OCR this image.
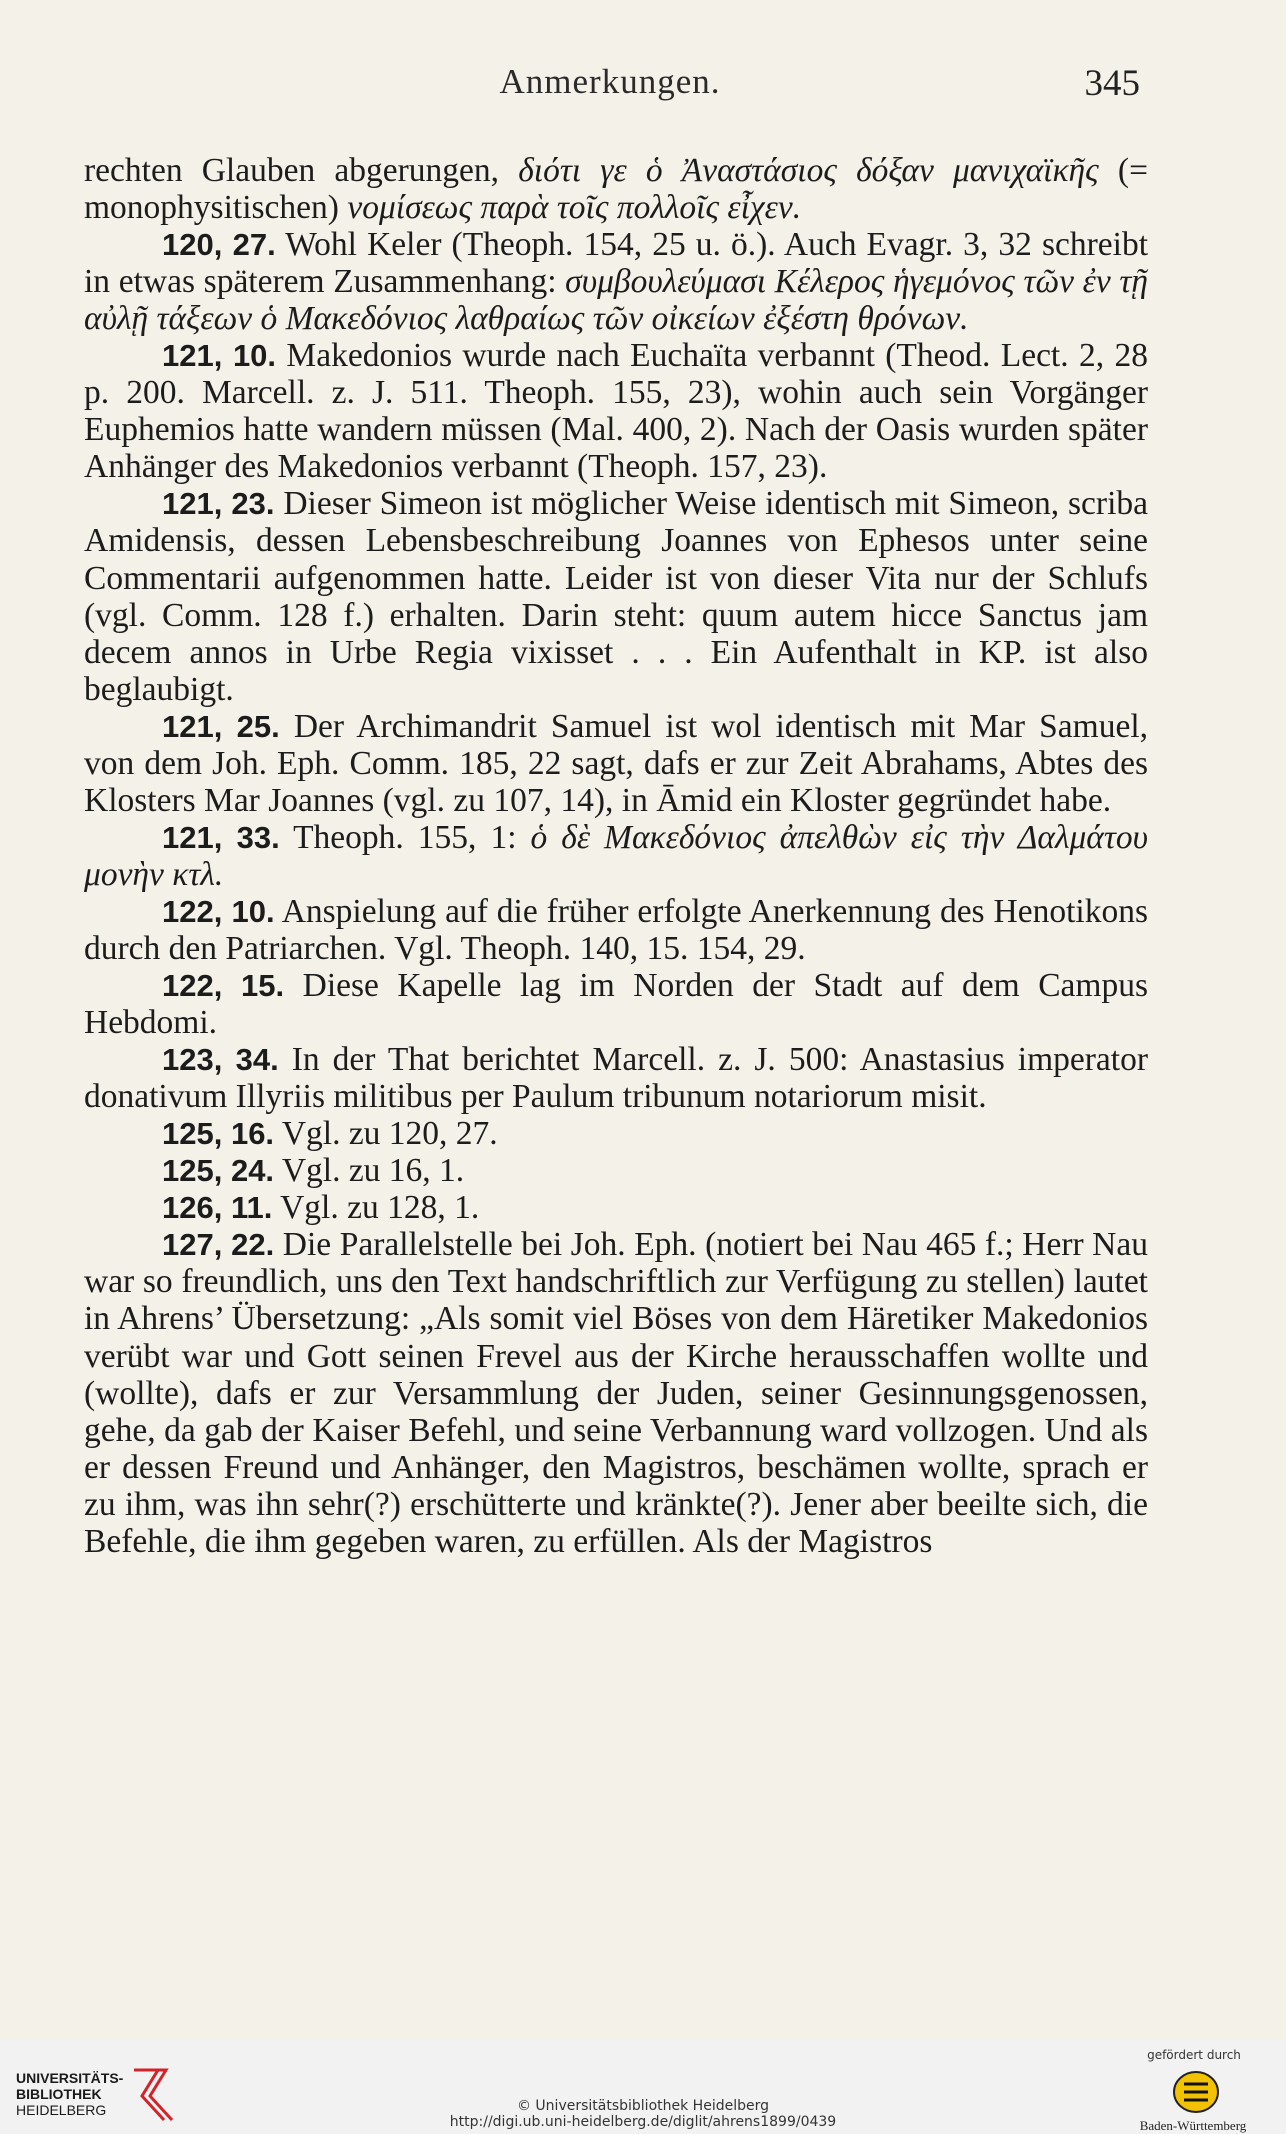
Anmerkungen.	345

rechten Glauben abgerungen, διότι γε ὁ Ἀναστάσιος δόξαν μανιχαϊκῆς (= monophysitischen) νομίσεως παρὰ τοῖς πολλοῖς εἶχεν.

120, 27. Wohl Keler (Theoph. 154, 25 u. ö.). Auch Evagr. 3, 32 schreibt in etwas späterem Zusammenhang: συμβουλεύμασι Κέλερος ἡγεμόνος τῶν ἐν τῇ αὐλῇ τάξεων ὁ Μακεδόνιος λαθραίως τῶν οἰκείων ἐξέστη θρόνων.

121, 10. Makedonios wurde nach Euchaïta verbannt (Theod. Lect. 2, 28 p. 200. Marcell. z. J. 511. Theoph. 155, 23), wohin auch sein Vorgänger Euphemios hatte wandern müssen (Mal. 400, 2). Nach der Oasis wurden später Anhänger des Makedonios verbannt (Theoph. 157, 23).

121, 23. Dieser Simeon ist möglicher Weise identisch mit Simeon, scriba Amidensis, dessen Lebensbeschreibung Joannes von Ephesos unter seine Commentarii aufgenommen hatte. Leider ist von dieser Vita nur der Schlufs (vgl. Comm. 128 f.) erhalten. Darin steht: quum autem hicce Sanctus jam decem annos in Urbe Regia vixisset . . . Ein Aufenthalt in KP. ist also beglaubigt.

121, 25. Der Archimandrit Samuel ist wol identisch mit Mar Samuel, von dem Joh. Eph. Comm. 185, 22 sagt, dafs er zur Zeit Abrahams, Abtes des Klosters Mar Joannes (vgl. zu 107, 14), in Āmid ein Kloster gegründet habe.

121, 33. Theoph. 155, 1: ὁ δὲ Μακεδόνιος ἀπελθὼν εἰς τὴν Δαλμάτου μονὴν κτλ.

122, 10. Anspielung auf die früher erfolgte Anerkennung des Henotikons durch den Patriarchen. Vgl. Theoph. 140, 15. 154, 29.

122, 15. Diese Kapelle lag im Norden der Stadt auf dem Campus Hebdomi.

123, 34. In der That berichtet Marcell. z. J. 500: Anastasius imperator donativum Illyriis militibus per Paulum tribunum notariorum misit.

125, 16. Vgl. zu 120, 27.

125, 24. Vgl. zu 16, 1.

126, 11. Vgl. zu 128, 1.

127, 22. Die Parallelstelle bei Joh. Eph. (notiert bei Nau 465 f.; Herr Nau war so freundlich, uns den Text handschriftlich zur Verfügung zu stellen) lautet in Ahrens’ Übersetzung: „Als somit viel Böses von dem Häretiker Makedonios verübt war und Gott seinen Frevel aus der Kirche herausschaffen wollte und (wollte), dafs er zur Versammlung der Juden, seiner Gesinnungsgenossen, gehe, da gab der Kaiser Befehl, und seine Verbannung ward vollzogen. Und als er dessen Freund und Anhänger, den Magistros, beschämen wollte, sprach er zu ihm, was ihn sehr(?) erschütterte und kränkte(?). Jener aber beeilte sich, die Befehle, die ihm gegeben waren, zu erfüllen. Als der Magistros

UNIVERSITÄTS-
BIBLIOTHEK
HEIDELBERG	© Universitätsbibliothek Heidelberg
http://digi.ub.uni-heidelberg.de/diglit/ahrens1899/0439
gefördert durch
Baden-Württemberg
